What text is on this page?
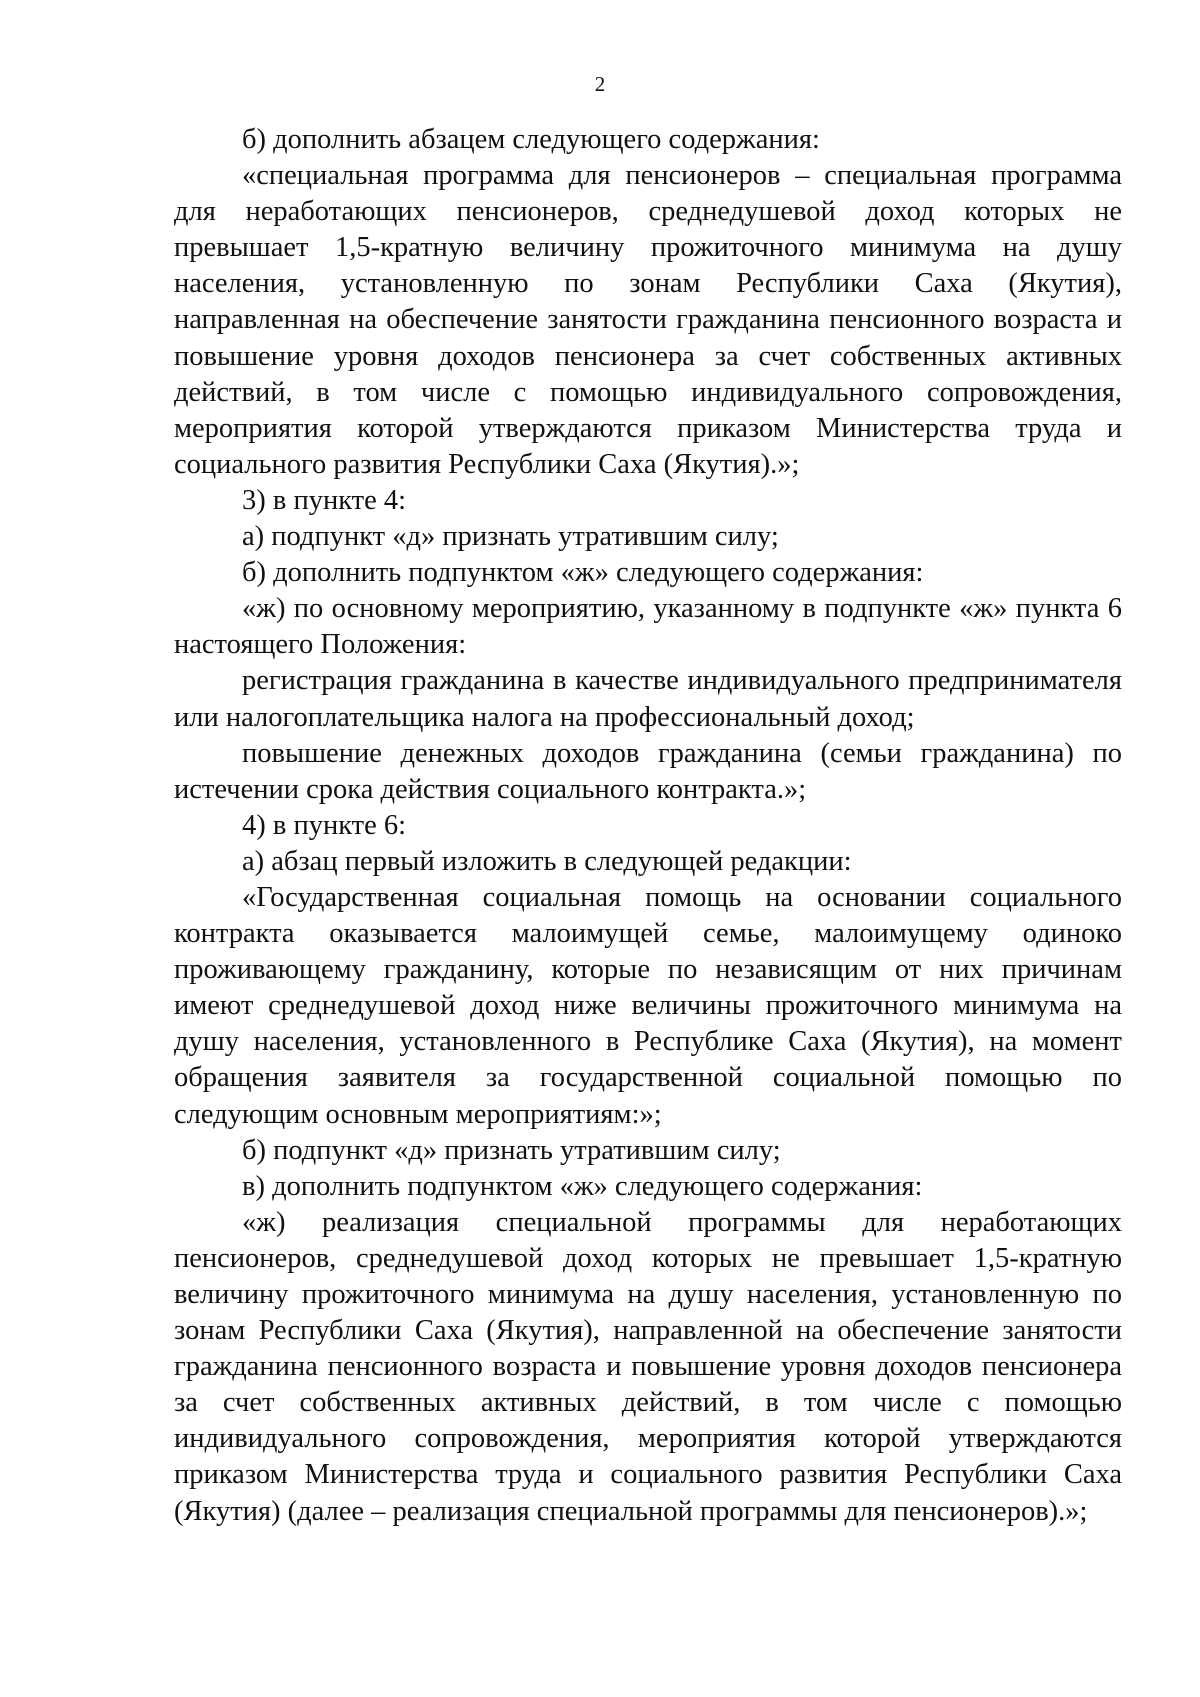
2

б) дополнить абзацем следующего содержания:

«специальная программа для пенсионеров – специальная программа для неработающих пенсионеров, среднедушевой доход которых не превышает 1,5-кратную величину прожиточного минимума на душу населения, установленную по зонам Республики Саха (Якутия), направленная на обеспечение занятости гражданина пенсионного возраста и повышение уровня доходов пенсионера за счет собственных активных действий, в том числе с помощью индивидуального сопровождения, мероприятия которой утверждаются приказом Министерства труда и социального развития Республики Саха (Якутия).»;

3) в пункте 4:

а) подпункт «д» признать утратившим силу;

б) дополнить подпунктом «ж» следующего содержания:

«ж) по основному мероприятию, указанному в подпункте «ж» пункта 6 настоящего Положения:

регистрация гражданина в качестве индивидуального предпринимателя или налогоплательщика налога на профессиональный доход;

повышение денежных доходов гражданина (семьи гражданина) по истечении срока действия социального контракта.»;

4) в пункте 6:

а) абзац первый изложить в следующей редакции:

«Государственная социальная помощь на основании социального контракта оказывается малоимущей семье, малоимущему одиноко проживающему гражданину, которые по независящим от них причинам имеют среднедушевой доход ниже величины прожиточного минимума на душу населения, установленного в Республике Саха (Якутия), на момент обращения заявителя за государственной социальной помощью по следующим основным мероприятиям:»;

б) подпункт «д» признать утратившим силу;

в) дополнить подпунктом «ж» следующего содержания:

«ж) реализация специальной программы для неработающих пенсионеров, среднедушевой доход которых не превышает 1,5-кратную величину прожиточного минимума на душу населения, установленную по зонам Республики Саха (Якутия), направленной на обеспечение занятости гражданина пенсионного возраста и повышение уровня доходов пенсионера за счет собственных активных действий, в том числе с помощью индивидуального сопровождения, мероприятия которой утверждаются приказом Министерства труда и социального развития Республики Саха (Якутия) (далее – реализация специальной программы для пенсионеров).»;
